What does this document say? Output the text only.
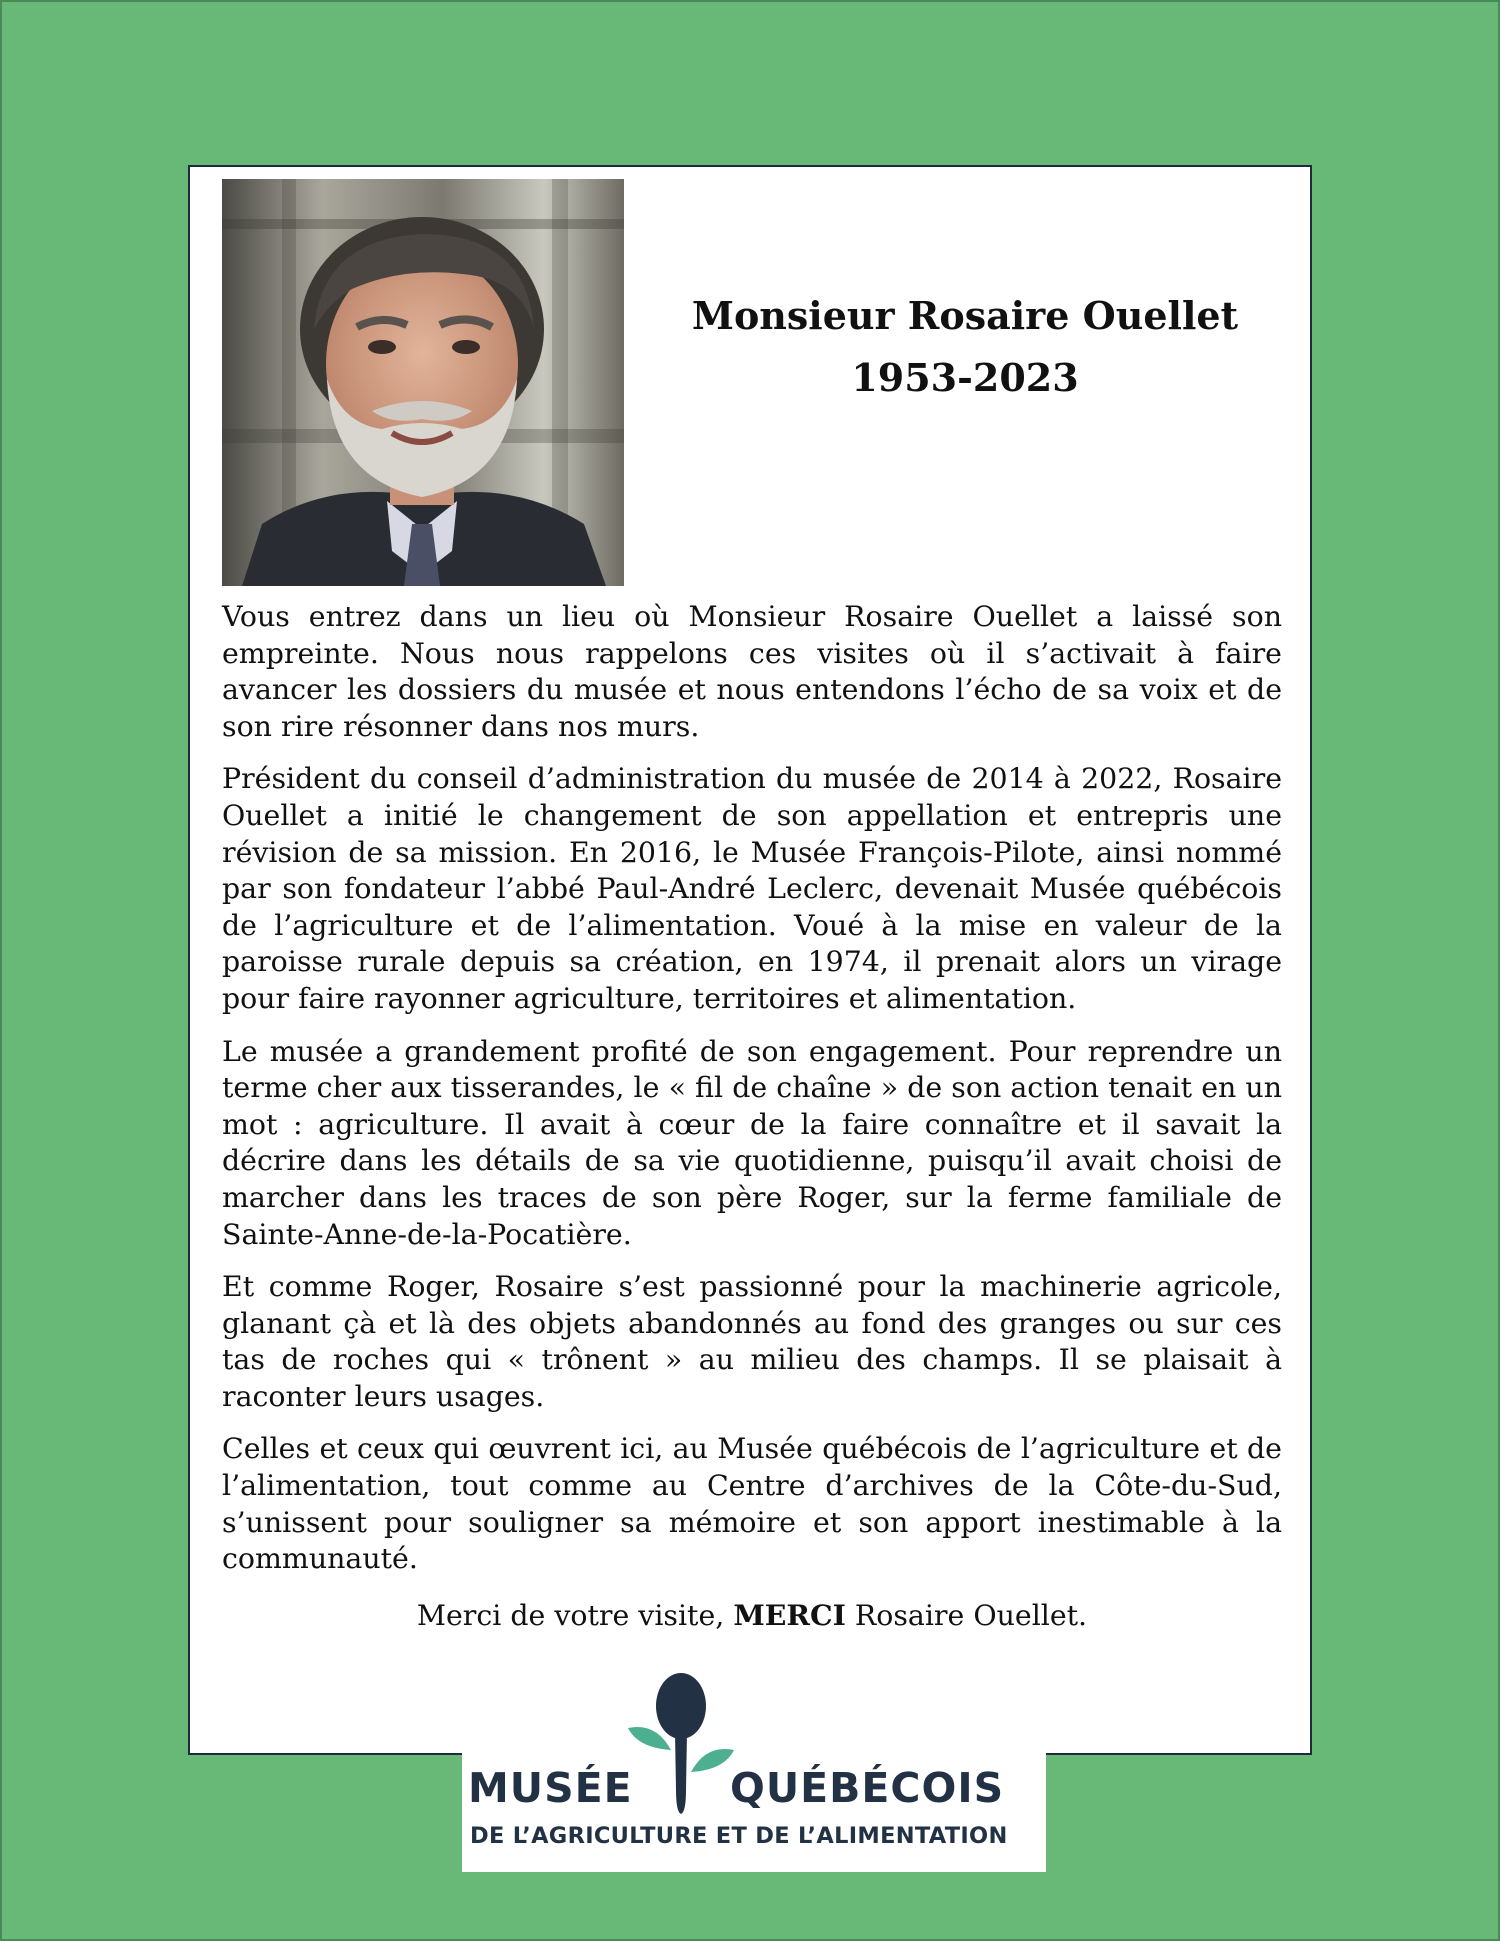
Monsieur Rosaire Ouellet
1953-2023

Vous entrez dans un lieu où Monsieur Rosaire Ouellet a laissé son empreinte. Nous nous rappelons ces visites où il s’activait à faire avancer les dossiers du musée et nous entendons l’écho de sa voix et de son rire résonner dans nos murs.

Président du conseil d’administration du musée de 2014 à 2022, Rosaire Ouellet a initié le changement de son appellation et entrepris une révision de sa mission. En 2016, le Musée François-Pilote, ainsi nommé par son fondateur l’abbé Paul-André Leclerc, devenait Musée québécois de l’agriculture et de l’alimentation. Voué à la mise en valeur de la paroisse rurale depuis sa création, en 1974, il prenait alors un virage pour faire rayonner agriculture, territoires et alimentation.

Le musée a grandement profité de son engagement. Pour reprendre un terme cher aux tisserandes, le « fil de chaîne » de son action tenait en un mot : agriculture. Il avait à cœur de la faire connaître et il savait la décrire dans les détails de sa vie quotidienne, puisqu’il avait choisi de marcher dans les traces de son père Roger, sur la ferme familiale de Sainte-Anne-de-la-Pocatière.

Et comme Roger, Rosaire s’est passionné pour la machinerie agricole, glanant çà et là des objets abandonnés au fond des granges ou sur ces tas de roches qui « trônent » au milieu des champs. Il se plaisait à raconter leurs usages.

Celles et ceux qui œuvrent ici, au Musée québécois de l’agriculture et de l’alimentation, tout comme au Centre d’archives de la Côte-du-Sud, s’unissent pour souligner sa mémoire et son apport inestimable à la communauté.

Merci de votre visite, MERCI Rosaire Ouellet.
MUSÉE QUÉBÉCOIS
DE L’AGRICULTURE ET DE L’ALIMENTATION
